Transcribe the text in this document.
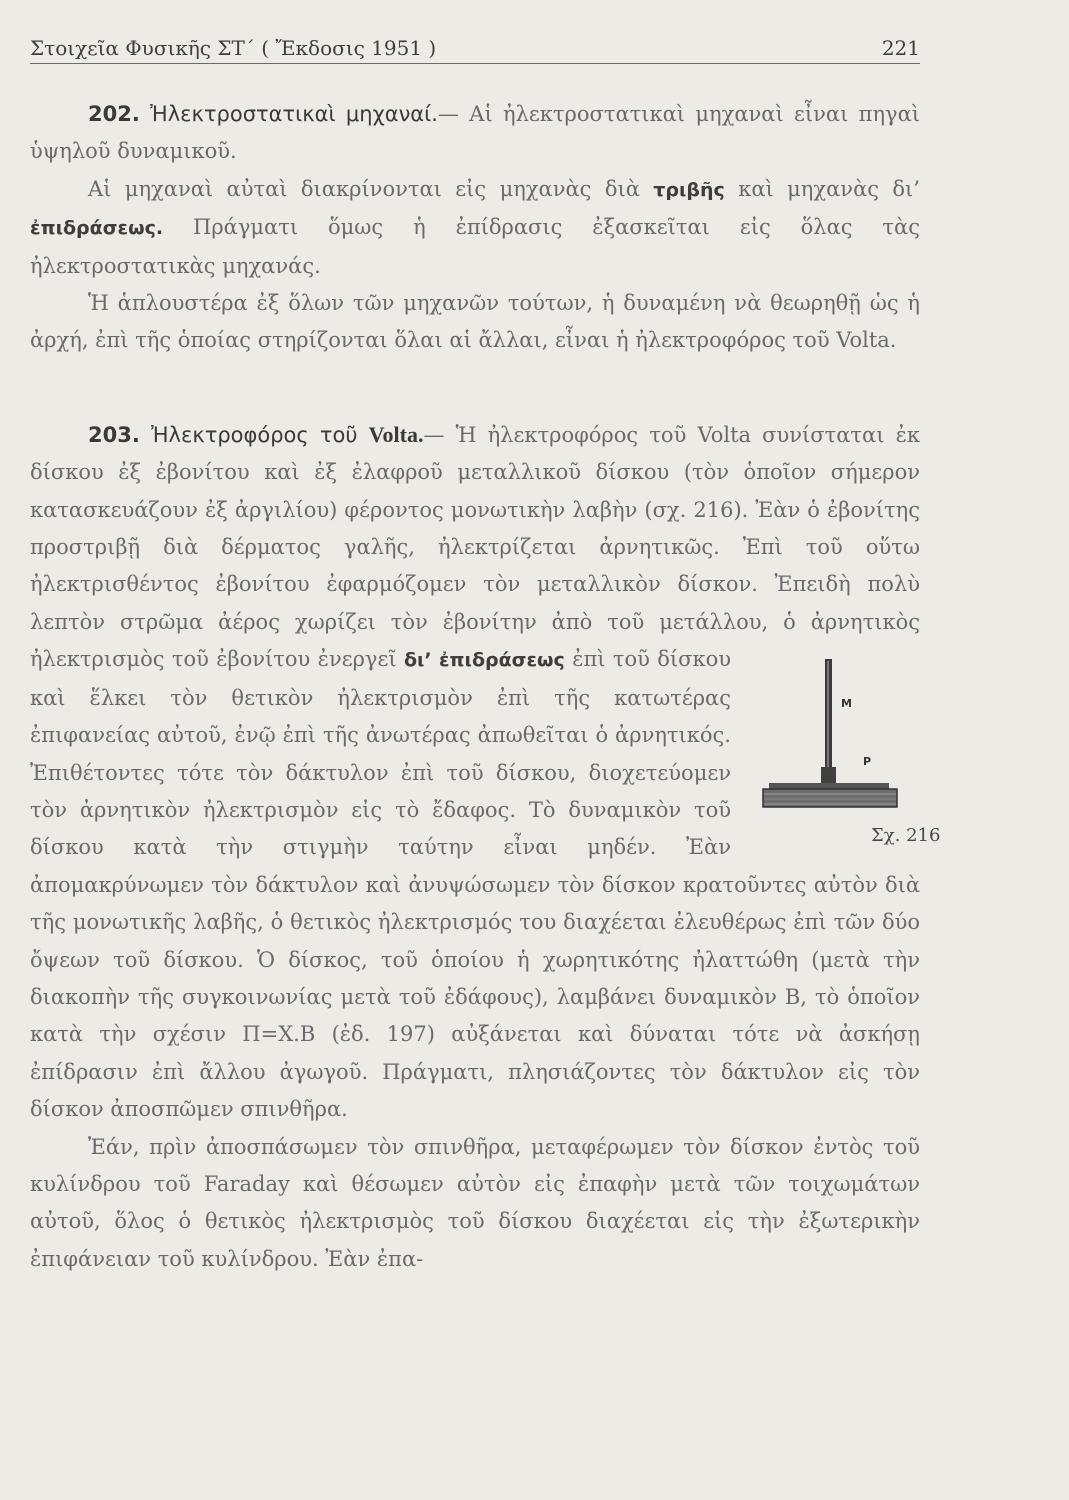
Στοιχεῖα Φυσικῆς ΣΤ΄ ( Ἔκδοσις 1951 )	221

202. Ἠλεκτροστατικαὶ μηχαναί.— Αἱ ἠλεκτροστατικαὶ μηχαναὶ εἶναι πηγαὶ ὑψηλοῦ δυναμικοῦ.

Αἱ μηχαναὶ αὐταὶ διακρίνονται εἰς μηχανὰς διὰ τριβῆς καὶ μηχανὰς δι’ ἐπιδράσεως. Πράγματι ὅμως ἡ ἐπίδρασις ἐξασκεῖται εἰς ὅλας τὰς ἠλεκτροστατικὰς μηχανάς.

Ἡ ἁπλουστέρα ἐξ ὅλων τῶν μηχανῶν τούτων, ἡ δυναμένη νὰ θεωρηθῇ ὡς ἡ ἀρχή, ἐπὶ τῆς ὁποίας στηρίζονται ὅλαι αἱ ἄλλαι, εἶναι ἡ ἠλεκτροφόρος τοῦ Volta.

203. Ἠλεκτροφόρος τοῦ Volta.— Ἡ ἠλεκτροφόρος τοῦ Volta συνίσταται ἐκ δίσκου ἐξ ἐβονίτου καὶ ἐξ ἐλαφροῦ μεταλλικοῦ δίσκου (τὸν ὁποῖον σήμερον κατασκευάζουν ἐξ ἀργιλίου) φέροντος μονωτικὴν λαβὴν (σχ. 216). Ἐὰν ὁ ἐβονίτης προστριβῇ διὰ δέρματος γαλῆς, ἠλεκτρίζεται ἀρνητικῶς. Ἐπὶ τοῦ οὕτω ἠλεκτρισθέντος ἐβονίτου ἐφαρμόζομεν τὸν μεταλλικὸν δίσκον. Ἐπειδὴ πολὺ λεπτὸν στρῶμα ἀέρος χωρίζει τὸν ἐβονίτην ἀπὸ τοῦ μετάλλου, ὁ ἀρνητικὸς ἠλεκτρισμὸς τοῦ ἐβονίτου ἐνεργεῖ δι’ ἐπιδράσεως
Μ
Ρ
Σχ. 216
ἐπὶ τοῦ δίσκου καὶ ἕλκει τὸν θετικὸν ἠλεκτρισμὸν ἐπὶ τῆς κατωτέρας ἐπιφανείας αὐτοῦ, ἐνῷ ἐπὶ τῆς ἀνωτέρας ἀπωθεῖται ὁ ἀρνητικός. Ἐπιθέτοντες τότε τὸν δάκτυλον ἐπὶ τοῦ δίσκου, διοχετεύομεν τὸν ἀρνητικὸν ἠλεκτρισμὸν εἰς τὸ ἔδαφος. Τὸ δυναμικὸν τοῦ δίσκου κατὰ τὴν στιγμὴν ταύτην εἶναι μηδέν. Ἐὰν ἀπομακρύνωμεν τὸν δάκτυλον καὶ ἀνυψώσωμεν τὸν δίσκον κρατοῦντες αὐτὸν διὰ τῆς μονωτικῆς λαβῆς, ὁ θετικὸς ἠλεκτρισμός του διαχέεται ἐλευθέρως ἐπὶ τῶν δύο ὄψεων τοῦ δίσκου. Ὁ δίσκος, τοῦ ὁποίου ἡ χωρητικότης ἠλαττώθη (μετὰ τὴν διακοπὴν τῆς συγκοινωνίας μετὰ τοῦ ἐδάφους), λαμβάνει δυναμικὸν Β, τὸ ὁποῖον κατὰ τὴν σχέσιν Π=Χ.Β (ἐδ. 197) αὐξάνεται καὶ δύναται τότε νὰ ἀσκήσῃ ἐπίδρασιν ἐπὶ ἄλλου ἀγωγοῦ. Πράγματι, πλησιάζοντες τὸν δάκτυλον εἰς τὸν δίσκον ἀποσπῶμεν σπινθῆρα.

Ἐάν, πρὶν ἀποσπάσωμεν τὸν σπινθῆρα, μεταφέρωμεν τὸν δίσκον ἐντὸς τοῦ κυλίνδρου τοῦ Faraday καὶ θέσωμεν αὐτὸν εἰς ἐπαφὴν μετὰ τῶν τοιχωμάτων αὐτοῦ, ὅλος ὁ θετικὸς ἠλεκτρισμὸς τοῦ δίσκου διαχέεται εἰς τὴν ἐξωτερικὴν ἐπιφάνειαν τοῦ κυλίνδρου. Ἐὰν ἐπα-
